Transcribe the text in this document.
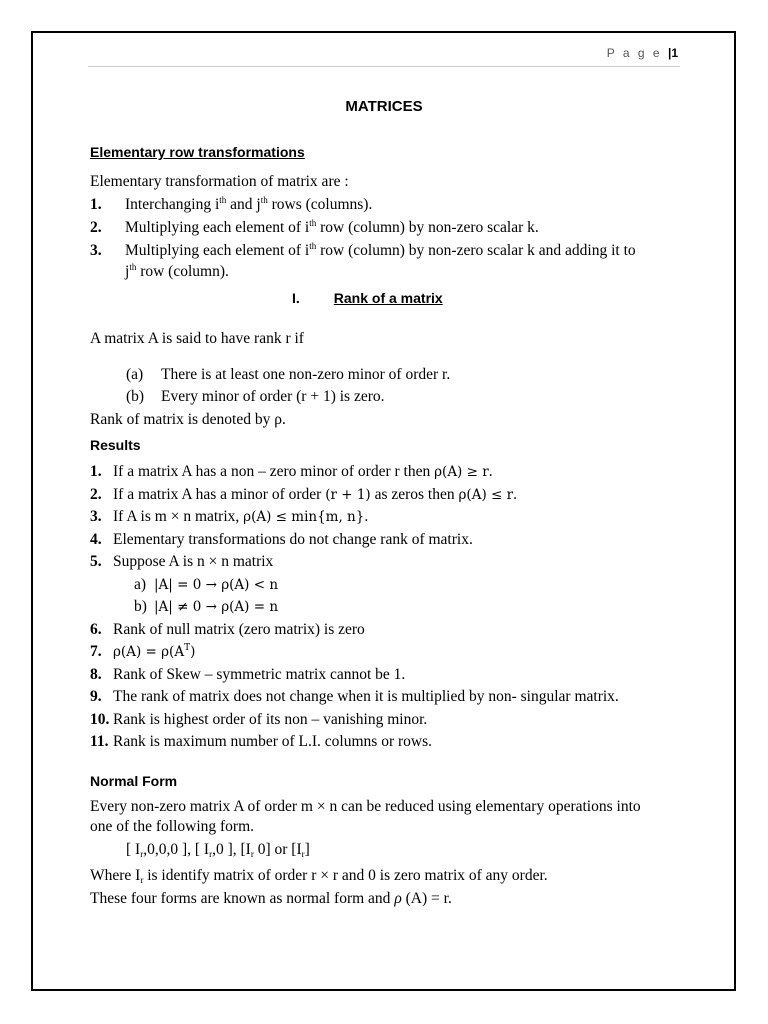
P a g e |1
MATRICES
Elementary row transformations
Elementary transformation of matrix are :
1. Interchanging $i^{th}$ and $j^{th}$ rows (columns).
2. Multiplying each element of $i^{th}$ row (column) by non-zero scalar k.
3. Multiplying each element of $i^{th}$ row (column) by non-zero scalar k and adding it to
$j^{th}$ row (column).
I. Rank of a matrix
A matrix A is said to have rank r if
(a) There is at least one non-zero minor of order r.
(b) Every minor of order (r + 1) is zero.
Rank of matrix is denoted by ρ.
Results
1. If a matrix A has a non – zero minor of order r then ρ(A) ≥ r.
2. If a matrix A has a minor of order (r + 1) as zeros then ρ(A) ≤ r.
3. If A is m × n matrix, ρ(A) ≤ min{m, n}.
4. Elementary transformations do not change rank of matrix.
5. Suppose A is n × n matrix
a) |A| = 0 → ρ(A) < n
b) |A| ≠ 0 → ρ(A) = n
6. Rank of null matrix (zero matrix) is zero
7. $\rho(A) = \rho(A^T)$
8. Rank of Skew – symmetric matrix cannot be 1.
9. The rank of matrix does not change when it is multiplied by non- singular matrix.
10. Rank is highest order of its non – vanishing minor.
11. Rank is maximum number of L.I. columns or rows.
Normal Form
Every non-zero matrix A of order m × n can be reduced using elementary operations into
one of the following form.
[ $I_r,0,0,0$ ], [ $I_r,0$ ], [$I_r$ 0] or $[I_r]$
Where $I_r$ is identify matrix of order r × r and 0 is zero matrix of any order.
These four forms are known as normal form and ρ (A) = r.
